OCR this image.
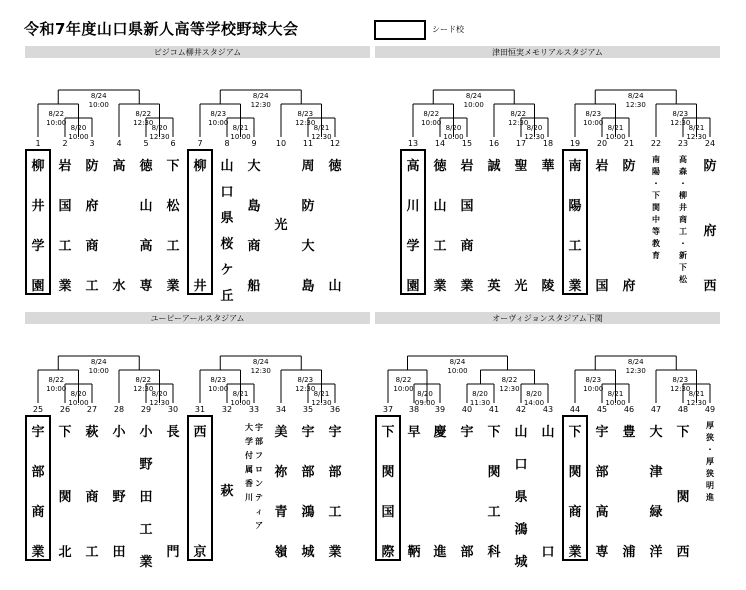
令和7年度山口県新人高等学校野球大会	シード校
ビジコム柳井スタジアム
8/20
10:00
8/20
12:30
8/22
10:00
8/22
12:30
8/24
10:00
8/21
10:00
8/21
12:30
8/23
10:00
8/23
12:30
8/24
12:30
1
柳
井
学
園
2
岩
国
工
業
3
防
府
商
工
4
高
水
5
徳
山
高
専
6
下
松
工
業
7
柳
井
8
山
口
県
桜
ケ
丘
9
大
島
商
船
10
光
11
周
防
大
島
12
徳
山
津田恒実メモリアルスタジアム
8/20
10:00
8/20
12:30
8/22
10:00
8/22
12:30
8/24
10:00
8/21
10:00
8/21
12:30
8/23
10:00
8/23
12:30
8/24
12:30
13
高
川
学
園
14
徳
山
工
業
15
岩
国
商
業
16
誠
英
17
聖
光
18
華
陵
19
南
陽
工
業
20
岩
国
21
防
府
22
南
陽
・
下
関
中
等
教
育
23
高
森
・
柳
井
商
工
・
新
下
松
24
防
府
西
ユーピーアールスタジアム
8/20
10:00
8/20
12:30
8/22
10:00
8/22
12:30
8/24
10:00
8/21
10:00
8/21
12:30
8/23
10:00
8/23
12:30
8/24
12:30
25
宇
部
商
業
26
下
関
北
27
萩
商
工
28
小
野
田
29
小
野
田
工
業
30
長
門
31
西
京
32
萩
33
大
学
付
属
香
川
宇
部
フ
ロ
ン
テ
ィ
ア
34
美
祢
青
嶺
35
宇
部
鴻
城
36
宇
部
工
業
オーヴィジョンスタジアム下関
8/20
09:00
8/20
11:30
8/20
14:00
8/22
10:00
8/22
12:30
8/24
10:00
8/21
10:00
8/21
12:30
8/23
10:00
8/23
12:30
8/24
12:30
37
下
関
国
際
38
早
鞆
39
慶
進
40
宇
部
41
下
関
工
科
42
山
口
県
鴻
城
43
山
口
44
下
関
商
業
45
宇
部
高
専
46
豊
浦
47
大
津
緑
洋
48
下
関
西
49
厚
狭
・
厚
狭
明
進
